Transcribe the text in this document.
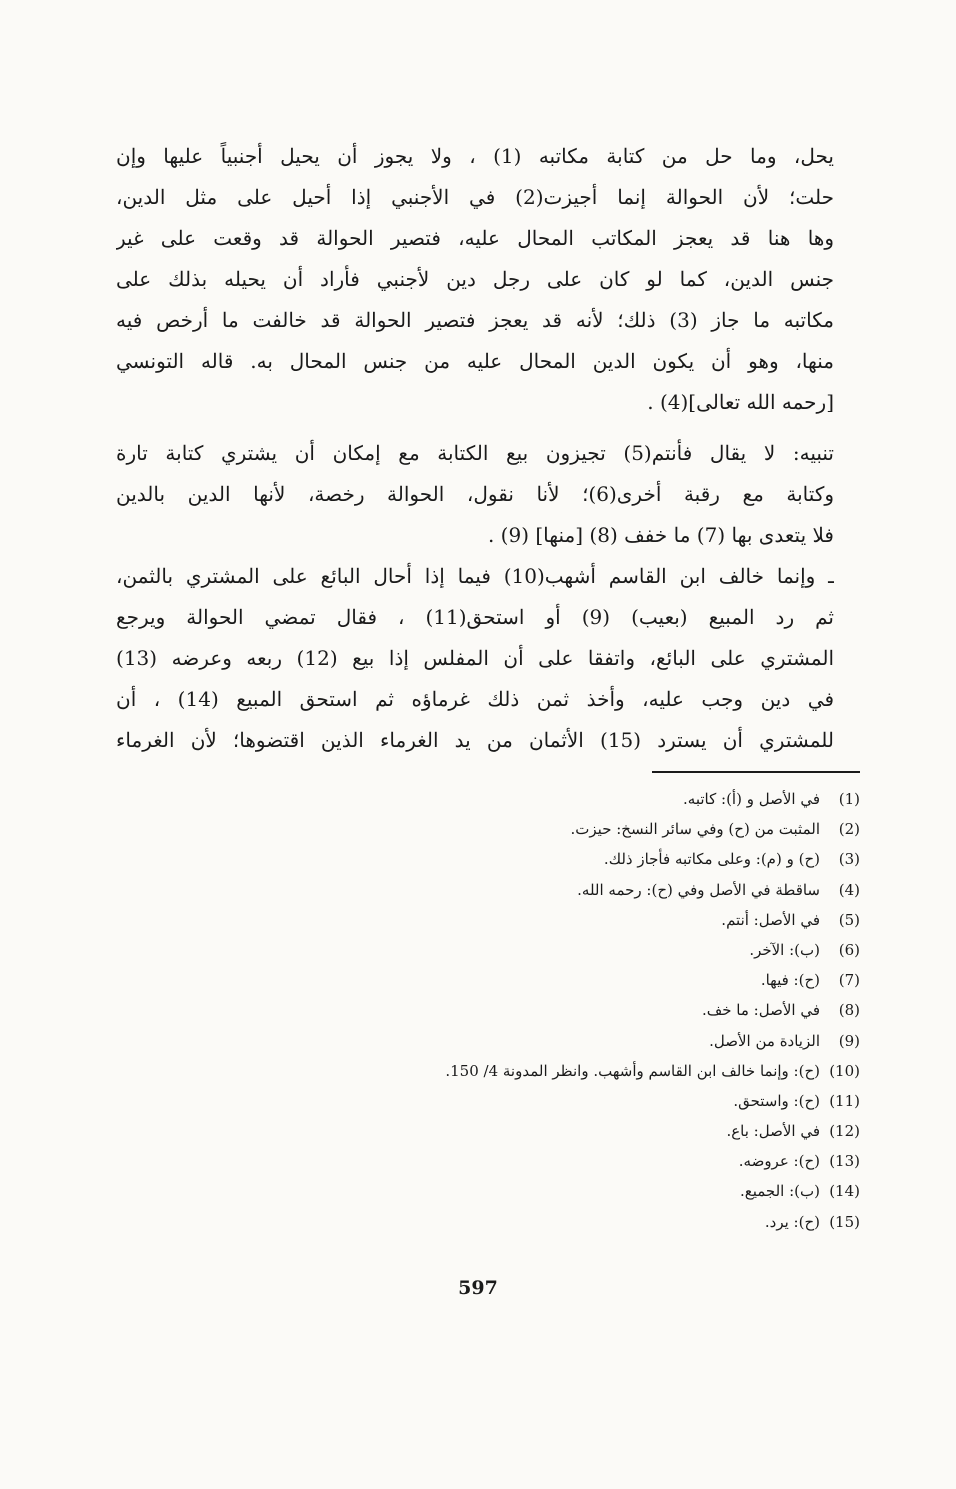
يحل، وما حل من كتابة مكاتبه (1) ، ولا يجوز أن يحيل أجنبياً عليها وإن
حلت؛ لأن الحوالة إنما أجيزت(2) في الأجنبي إذا أحيل على مثل الدين،
وها هنا قد يعجز المكاتب المحال عليه، فتصير الحوالة قد وقعت على غير
جنس الدين، كما لو كان على رجل دين لأجنبي فأراد أن يحيله بذلك على
مكاتبه ما جاز (3) ذلك؛ لأنه قد يعجز فتصير الحوالة قد خالفت ما أرخص فيه
منها، وهو أن يكون الدين المحال عليه من جنس المحال به. قاله التونسي
[رحمه الله تعالى](4) .
تنبيه: لا يقال فأنتم(5) تجيزون بيع الكتابة مع إمكان أن يشتري كتابة تارة
وكتابة مع رقبة أخرى(6)؛ لأنا نقول، الحوالة رخصة، لأنها الدين بالدين
فلا يتعدى بها (7) ما خفف (8) [منها] (9) .
ـ وإنما خالف ابن القاسم أشهب(10) فيما إذا أحال البائع على المشتري بالثمن،
ثم رد المبيع (بعيب) (9) أو استحق(11) ، فقال تمضي الحوالة ويرجع
المشتري على البائع، واتفقا على أن المفلس إذا بيع (12) ربعه وعرضه (13)
في دين وجب عليه، وأخذ ثمن ذلك غرماؤه ثم استحق المبيع (14) ، أن
للمشتري أن يسترد (15) الأثمان من يد الغرماء الذين اقتضوها؛ لأن الغرماء
(1)في الأصل و (أ): كاتبه.
(2)المثبت من (ح) وفي سائر النسخ: حيزت.
(3)(ح) و (م): وعلى مكاتبه فأجاز ذلك.
(4)ساقطة في الأصل وفي (ح): رحمه الله.
(5)في الأصل: أنتم.
(6)(ب): الآخر.
(7)(ح): فيها.
(8)في الأصل: ما خف.
(9)الزيادة من الأصل.
(10)(ح): وإنما خالف ابن القاسم وأشهب. وانظر المدونة 4/ 150.
(11)(ح): واستحق.
(12)في الأصل: باع.
(13)(ح): عروضه.
(14)(ب): الجميع.
(15)(ح): يرد.
597
